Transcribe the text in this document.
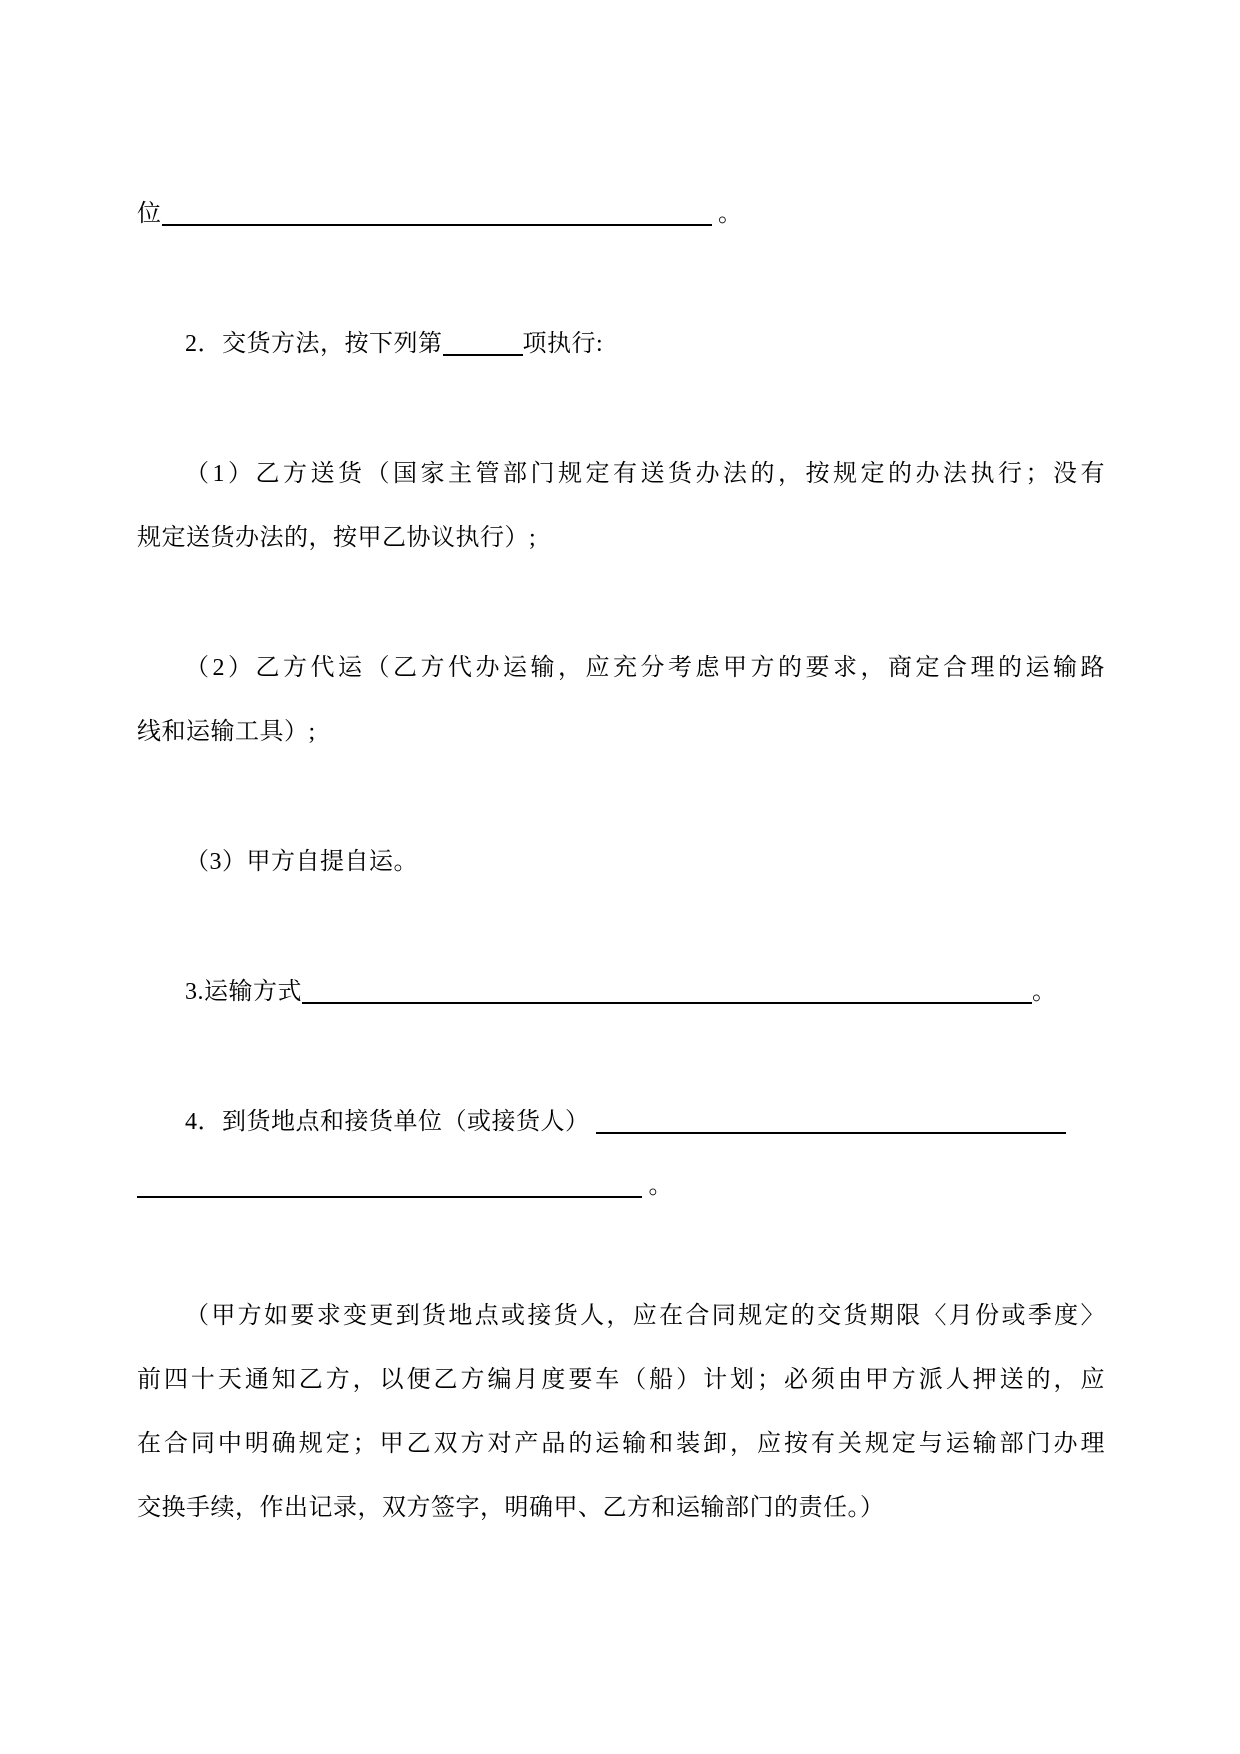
位	。
2．交货方法，按下列第	项执行:
（1）乙方送货（国家主管部门规定有送货办法的，按规定的办法执行；没有
规定送货办法的，按甲乙协议执行）;
（2）乙方代运（乙方代办运输，应充分考虑甲方的要求，商定合理的运输路
线和运输工具）;
（3）甲方自提自运。
3.运输方式	。
4．到货地点和接货单位（或接货人）
。
（甲方如要求变更到货地点或接货人，应在合同规定的交货期限〈月份或季度〉
前四十天通知乙方，以便乙方编月度要车（船）计划；必须由甲方派人押送的，应
在合同中明确规定；甲乙双方对产品的运输和装卸，应按有关规定与运输部门办理
交换手续，作出记录，双方签字，明确甲、乙方和运输部门的责任。）
